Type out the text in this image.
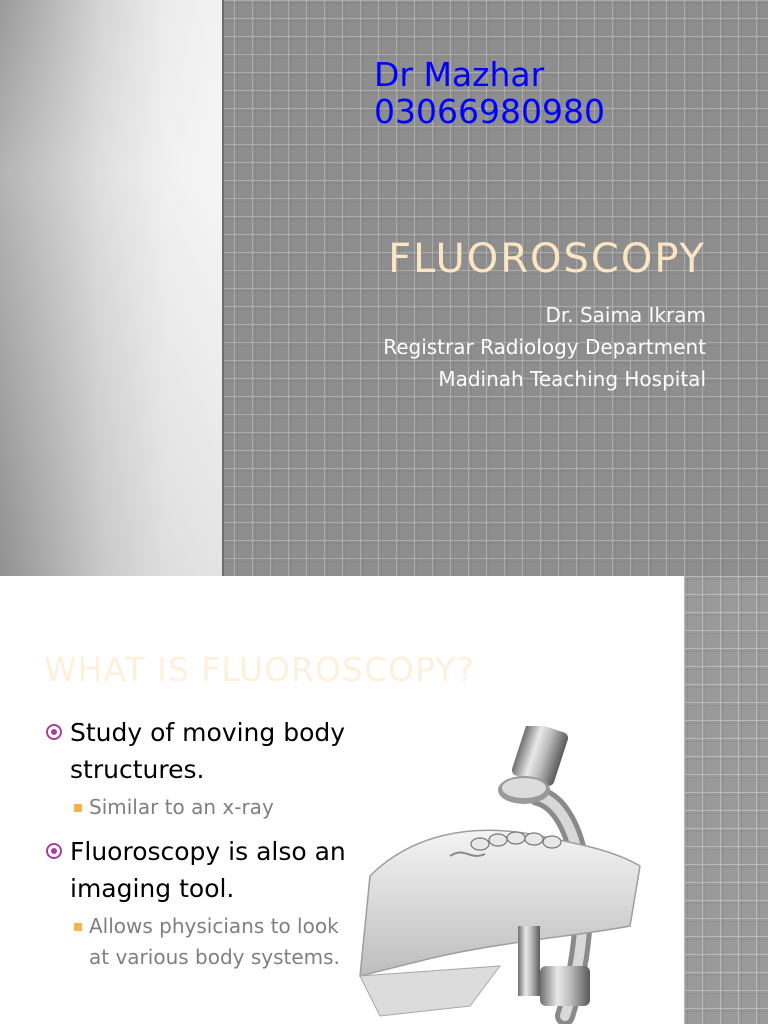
Dr Mazhar
03066980980
FLUOROSCOPY
Dr. Saima Ikram
Registrar Radiology Department
Madinah Teaching Hospital
WHAT IS FLUOROSCOPY?
Study of moving body structures.
Similar to an x-ray
Fluoroscopy is also an imaging tool.
Allows physicians to look at various body systems.
